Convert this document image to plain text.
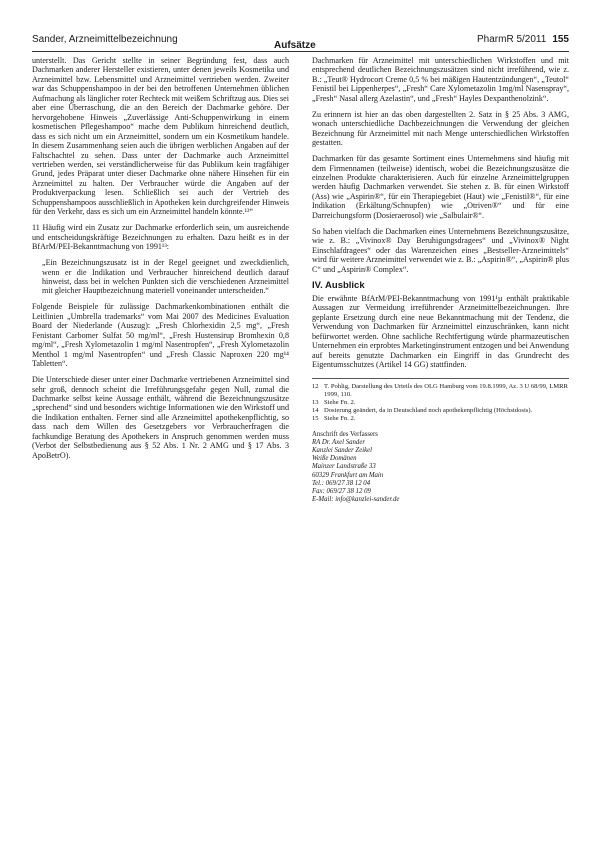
Sander, Arzneimittelbezeichnung
Aufsätze
PharmR 5/2011 155

unterstellt. Das Gericht stellte in seiner Begründung fest, dass auch Dachmarken anderer Hersteller existieren, unter denen jeweils Kosmetika und Arzneimittel bzw. Lebensmittel und Arzneimittel vertrieben werden. Zweiter war das Schuppenshampoo in der bei den betroffenen Unternehmen üblichen Aufmachung als länglicher roter Rechteck mit weißem Schriftzug aus. Dies sei aber eine Überraschung, die an den Bereich der Dachmarke gehöre. Der hervorgehobene Hinweis „Zuverlässige Anti-Schuppenwirkung in einem kosmetischen Pflegeshampoo“ mache dem Publikum hinreichend deutlich, dass es sich nicht um ein Arzneimittel, sondern um ein Kosmetikum handele. In diesem Zusammenhang seien auch die übrigen werblichen Angaben auf der Faltschachtel zu sehen. Dass unter der Dachmarke auch Arzneimittel vertrieben werden, sei verständlicherweise für das Publikum kein tragfähiger Grund, jedes Präparat unter dieser Dachmarke ohne nähere Hinsehen für ein Arzneimittel zu halten. Der Verbraucher würde die Angaben auf der Produktverpackung lesen. Schließlich sei auch der Vertrieb des Schuppenshampoos ausschließlich in Apotheken kein durchgreifender Hinweis für den Verkehr, dass es sich um ein Arzneimittel handeln könnte.¹²“

11 Häufig wird ein Zusatz zur Dachmarke erforderlich sein, um ausreichende und entscheidungskräftige Bezeichnungen zu erhalten. Dazu heißt es in der BfArM/PEI-Bekanntmachung von 1991¹³:

„Ein Bezeichnungszusatz ist in der Regel geeignet und zweckdienlich, wenn er die Indikation und Verbraucher hinreichend deutlich darauf hinweist, dass bei in welchen Punkten sich die verschiedenen Arzneimittel mit gleicher Hauptbezeichnung materiell voneinander unterscheiden.“

Folgende Beispiele für zulässige Dachmarkenkombinationen enthält die Leitlinien „Umbrella trademarks“ vom Mai 2007 des Medicines Evaluation Board der Niederlande (Auszug): „Fresh Chlorhexidin 2,5 mg“, „Fresh Fenistant Carbomer Sulfat 50 mg/ml“, „Fresh Hustensirup Bromhexin 0,8 mg/ml“, „Fresh Xylometazolin 1 mg/ml Nasentropfen“, „Fresh Xylometazolin Menthol 1 mg/ml Nasentropfen“ und „Fresh Classic Naproxen 220 mg¹⁴ Tabletten“.

Die Unterschiede dieser unter einer Dachmarke vertriebenen Arzneimittel sind sehr groß, dennoch scheint die Irreführungsgefahr gegen Null, zumal die Dachmarke selbst keine Aussage enthält, während die Bezeichnungszusätze „sprechend“ sind und besonders wichtige Informationen wie den Wirkstoff und die Indikation enthalten. Ferner sind alle Arzneimittel apothekenpflichtig, so dass nach dem Willen des Gesetzgebers vor Verbraucherfragen die fachkundige Beratung des Apothekers in Anspruch genommen werden muss (Verbot der Selbstbedienung aus § 52 Abs. 1 Nr. 2 AMG und § 17 Abs. 3 ApoBetrO).

Dachmarken für Arzneimittel mit unterschiedlichen Wirkstoffen und mit entsprechend deutlichen Bezeichnungszusätzen sind nicht irreführend, wie z. B.: „Teut® Hydrocort Creme 0,5 % bei mäßigen Hautentzündungen“, „Teutol“ Fenistil bei Lippenherpes“, „Fresh“ Care Xylometazolin 1mg/ml Nasenspray“, „Fresh“ Nasal allerg Azelastin“, und „Fresh“ Hayles Dexpanthenolzink“.

Zu erinnern ist hier an das oben dargestellten 2. Satz in § 25 Abs. 3 AMG, wonach unterschiedliche Dachbezeichnungen die Verwendung der gleichen Bezeichnung für Arzneimittel mit nach Menge unterschiedlichen Wirkstoffen gestatten.

Dachmarken für das gesamte Sortiment eines Unternehmens sind häufig mit dem Firmennamen (teilweise) identisch, wobei die Bezeichnungszusätze die einzelnen Produkte charakterisieren. Auch für einzelne Arzneimittelgruppen werden häufig Dachmarken verwendet. Sie stehen z. B. für einen Wirkstoff (Ass) wie „Aspirin®“, für ein Therapiegebiet (Haut) wie „Fenistil®“, für eine Indikation (Erkältung/Schnupfen) wie „Otriven®“ und für eine Darreichungsform (Dosieraerosol) wie „Salbulair®“.

So haben vielfach die Dachmarken eines Unternehmens Bezeichnungszusätze, wie z. B.: „Vivinox® Day Beruhigungsdragees“ und „Vivinox® Night Einschlafdragees“ oder das Warenzeichen eines „Bestseller-Arzneimittels“ wird für weitere Arzneimittel verwendet wie z. B.: „Aspirin®“, „Aspirin® plus C“ und „Aspirin® Complex“.

IV. Ausblick

Die erwähnte BfArM/PEI-Bekanntmachung von 1991¹µ enthält praktikable Aussagen zur Vermeidung irreführender Arzneimittelbezeichnungen. Ihre geplante Ersetzung durch eine neue Bekanntmachung mit der Tendenz, die Verwendung von Dachmarken für Arzneimittel einzuschränken, kann nicht befürwortet werden. Ohne sachliche Rechtfertigung würde pharmazeutischen Unternehmen ein erprobtes Marketinginstrument entzogen und bei Anwendung auf bereits genutzte Dachmarken ein Eingriff in das Grundrecht des Eigentumsschutzes (Artikel 14 GG) stattfinden.

12 T. Pohlig, Darstellung des Urteils des OLG Hamburg vom 19.8.1999, Az. 3 U 68/99, LMRR 1999, 110.
13 Siehe Fn. 2.
14 Dosierung geändert, da in Deutschland noch apothekenpflichtig (Höchstdosis).
15 Siehe Fn. 2.
Anschrift des Verfassers
RA Dr. Axel Sander
Kanzlei Sander Zeikel
Weiße Domänen
Mainzer Landstraße 33
60329 Frankfurt am Main
Tel.: 069/27 38 12 04
Fax: 069/27 38 12 09
E-Mail: info@kanzlei-sander.de
